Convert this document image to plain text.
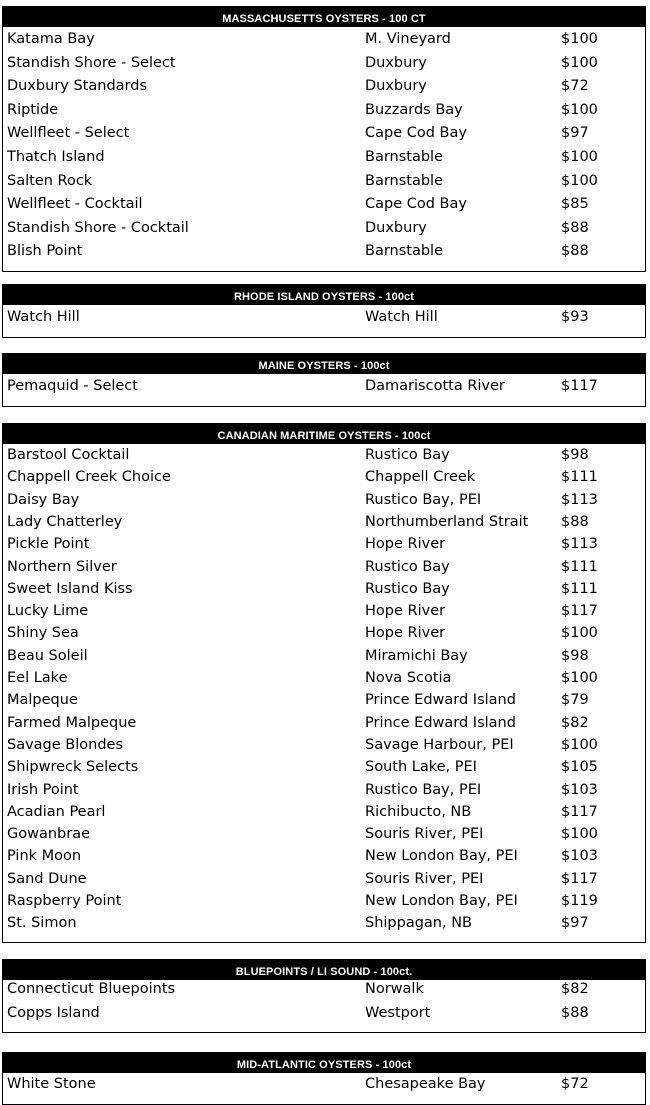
MASSACHUSETTS OYSTERS - 100 CT
Katama Bay	M. Vineyard	$100
Standish Shore - Select	Duxbury	$100
Duxbury Standards	Duxbury	$72
Riptide	Buzzards Bay	$100
Wellfleet - Select	Cape Cod Bay	$97
Thatch Island	Barnstable	$100
Salten Rock	Barnstable	$100
Wellfleet - Cocktail	Cape Cod Bay	$85
Standish Shore - Cocktail	Duxbury	$88
Blish Point	Barnstable	$88
RHODE ISLAND OYSTERS - 100ct
Watch Hill	Watch Hill	$93
MAINE OYSTERS - 100ct
Pemaquid - Select	Damariscotta River	$117
CANADIAN MARITIME OYSTERS - 100ct
Barstool Cocktail	Rustico Bay	$98
Chappell Creek Choice	Chappell Creek	$111
Daisy Bay	Rustico Bay, PEI	$113
Lady Chatterley	Northumberland Strait $88
Pickle Point	Hope River	$113
Northern Silver	Rustico Bay	$111
Sweet Island Kiss	Rustico Bay	$111
Lucky Lime	Hope River	$117
Shiny Sea	Hope River	$100
Beau Soleil	Miramichi Bay	$98
Eel Lake	Nova Scotia	$100
Malpeque	Prince Edward Island	$79
Farmed Malpeque	Prince Edward Island	$82
Savage Blondes	Savage Harbour, PEI	$100
Shipwreck Selects	South Lake, PEI	$105
Irish Point	Rustico Bay, PEI	$103
Acadian Pearl	Richibucto, NB	$117
Gowanbrae	Souris River, PEI	$100
Pink Moon	New London Bay, PEI	$103
Sand Dune	Souris River, PEI	$117
Raspberry Point	New London Bay, PEI	$119
St. Simon	Shippagan, NB	$97
BLUEPOINTS / LI SOUND - 100ct.
Connecticut Bluepoints	Norwalk	$82
Copps Island	Westport	$88
MID-ATLANTIC OYSTERS - 100ct
White Stone	Chesapeake Bay	$72
